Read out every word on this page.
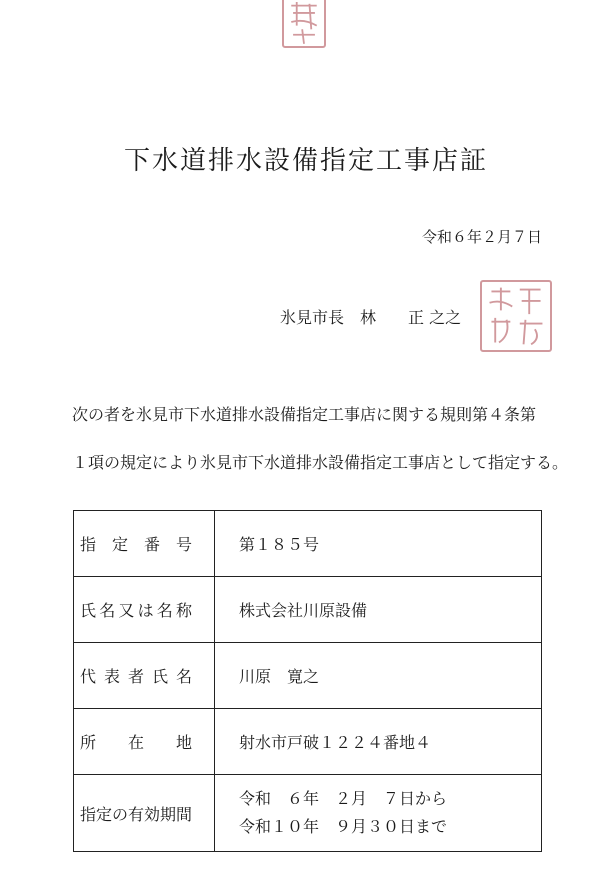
下水道排水設備指定工事店証
令和６年２月７日
氷見市長　林　　正 之之
次の者を氷見市下水道排水設備指定工事店に関する規則第４条第
１項の規定により氷見市下水道排水設備指定工事店として指定する。
指定番号	第１８５号

氏名又は名称	株式会社川原設備

代表者氏名	川原　寛之

所在地	射水市戸破１２２４番地４

指定の有効期間	令和　６年　２月　７日から
令和１０年　９月３０日まで
